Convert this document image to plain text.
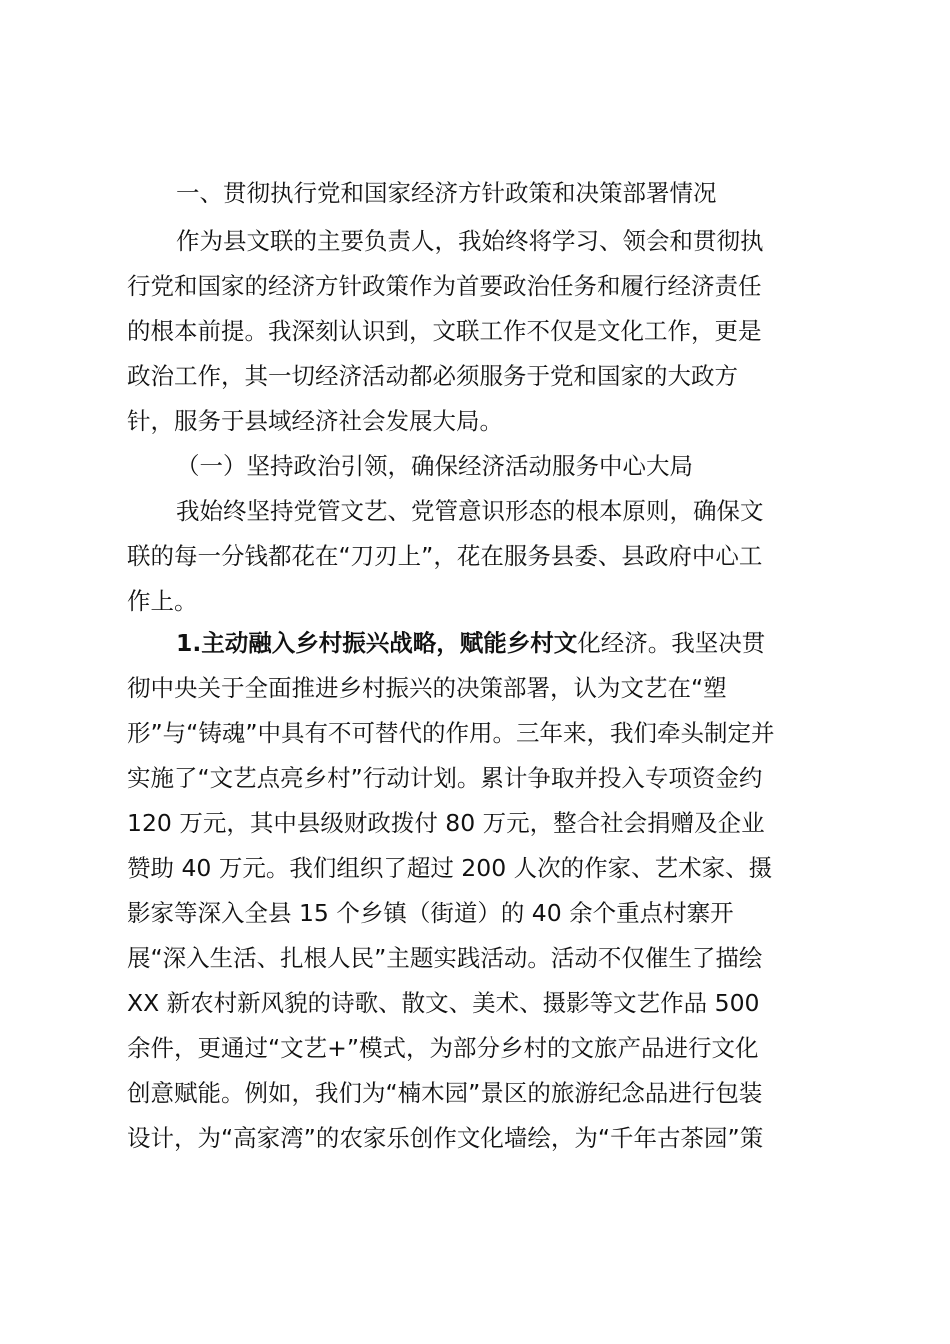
一、贯彻执行党和国家经济方针政策和决策部署情况
作为县文联的主要负责人，我始终将学习、领会和贯彻执
行党和国家的经济方针政策作为首要政治任务和履行经济责任
的根本前提。我深刻认识到，文联工作不仅是文化工作，更是
政治工作，其一切经济活动都必须服务于党和国家的大政方
针，服务于县域经济社会发展大局。
（一）坚持政治引领，确保经济活动服务中心大局
我始终坚持党管文艺、党管意识形态的根本原则，确保文
联的每一分钱都花在“刀刃上”，花在服务县委、县政府中心工
作上。
1.主动融入乡村振兴战略，赋能乡村文化经济。我坚决贯
彻中央关于全面推进乡村振兴的决策部署，认为文艺在“塑
形”与“铸魂”中具有不可替代的作用。三年来，我们牵头制定并
实施了“文艺点亮乡村”行动计划。累计争取并投入专项资金约
120 万元，其中县级财政拨付 80 万元，整合社会捐赠及企业
赞助 40 万元。我们组织了超过 200 人次的作家、艺术家、摄
影家等深入全县 15 个乡镇（街道）的 40 余个重点村寨开
展“深入生活、扎根人民”主题实践活动。活动不仅催生了描绘
XX 新农村新风貌的诗歌、散文、美术、摄影等文艺作品 500
余件，更通过“文艺+”模式，为部分乡村的文旅产品进行文化
创意赋能。例如，我们为“楠木园”景区的旅游纪念品进行包装
设计，为“高家湾”的农家乐创作文化墙绘，为“千年古茶园”策
